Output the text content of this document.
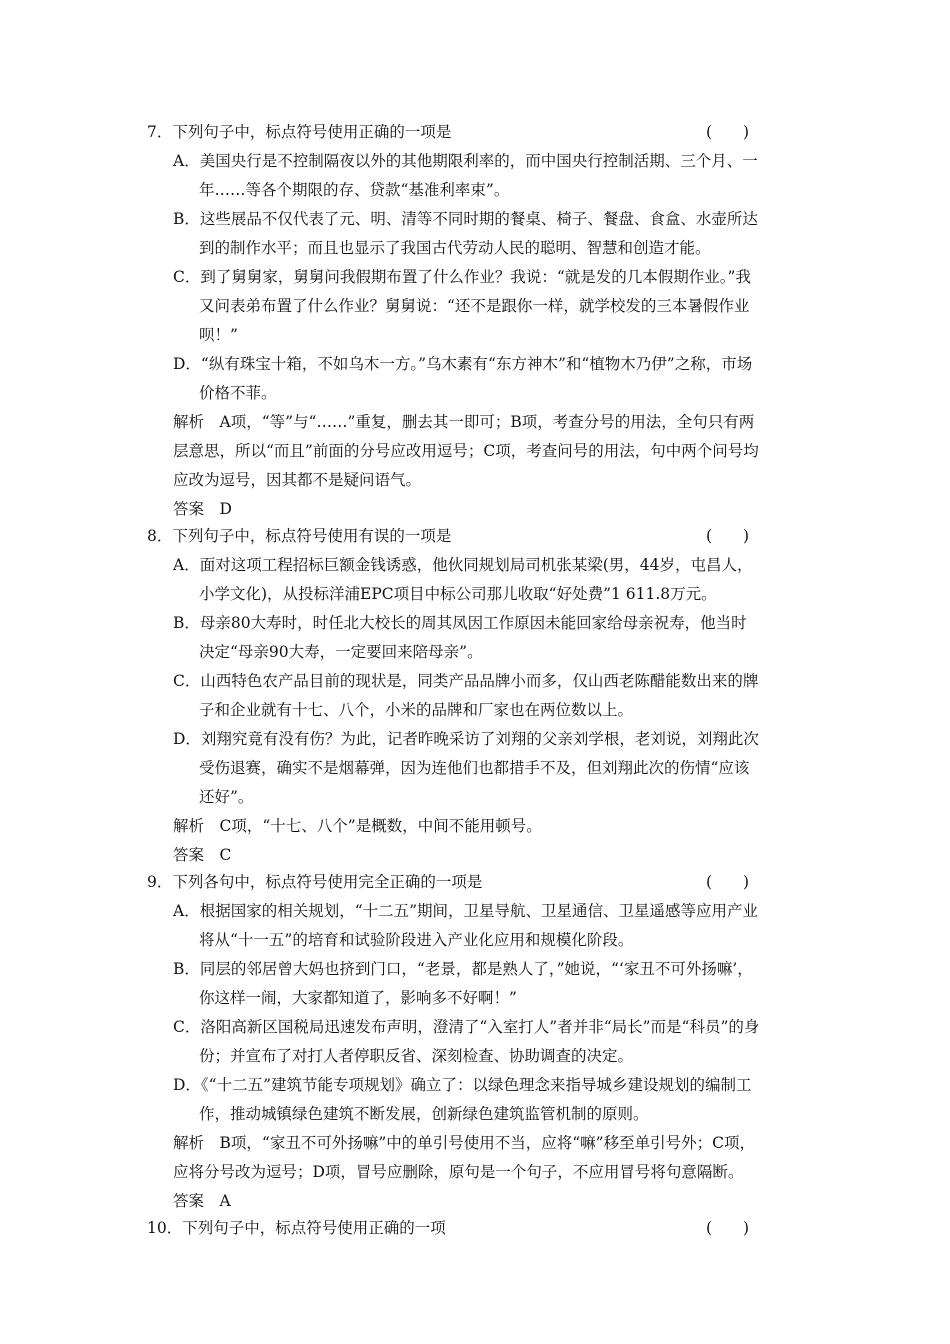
7．下列句子中，标点符号使用正确的一项是	(　　)
A．美国央行是不控制隔夜以外的其他期限利率的，而中国央行控制活期、三个月、一
年……等各个期限的存、贷款“基准利率束”。
B．这些展品不仅代表了元、明、清等不同时期的餐桌、椅子、餐盘、食盒、水壶所达
到的制作水平；而且也显示了我国古代劳动人民的聪明、智慧和创造才能。
C．到了舅舅家，舅舅问我假期布置了什么作业？我说：“就是发的几本假期作业。”我
又问表弟布置了什么作业？舅舅说：“还不是跟你一样，就学校发的三本暑假作业
呗！”
D．“纵有珠宝十箱，不如乌木一方。”乌木素有“东方神木”和“植物木乃伊”之称，市场
价格不菲。
解析　A项，“等”与“……”重复，删去其一即可；B项，考查分号的用法，全句只有两
层意思，所以“而且”前面的分号应改用逗号；C项，考查问号的用法，句中两个问号均
应改为逗号，因其都不是疑问语气。
答案　D
8．下列句子中，标点符号使用有误的一项是	(　　)
A．面对这项工程招标巨额金钱诱惑，他伙同规划局司机张某梁(男，44岁，屯昌人，
小学文化)，从投标洋浦EPC项目中标公司那儿收取“好处费”1 611.8万元。
B．母亲80大寿时，时任北大校长的周其凤因工作原因未能回家给母亲祝寿，他当时
决定“母亲90大寿，一定要回来陪母亲”。
C．山西特色农产品目前的现状是，同类产品品牌小而多，仅山西老陈醋能数出来的牌
子和企业就有十七、八个，小米的品牌和厂家也在两位数以上。
D．刘翔究竟有没有伤？为此，记者昨晚采访了刘翔的父亲刘学根，老刘说，刘翔此次
受伤退赛，确实不是烟幕弹，因为连他们也都措手不及，但刘翔此次的伤情“应该
还好”。
解析　C项，“十七、八个”是概数，中间不能用顿号。
答案　C
9．下列各句中，标点符号使用完全正确的一项是	(　　)
A．根据国家的相关规划，“十二五”期间，卫星导航、卫星通信、卫星遥感等应用产业
将从“十一五”的培育和试验阶段进入产业化应用和规模化阶段。
B．同层的邻居曾大妈也挤到门口，“老景，都是熟人了，”她说，“‘家丑不可外扬嘛’，
你这样一闹，大家都知道了，影响多不好啊！”
C．洛阳高新区国税局迅速发布声明，澄清了“入室打人”者并非“局长”而是“科员”的身
份；并宣布了对打人者停职反省、深刻检查、协助调查的决定。
D．《“十二五”建筑节能专项规划》确立了：以绿色理念来指导城乡建设规划的编制工
作，推动城镇绿色建筑不断发展，创新绿色建筑监管机制的原则。
解析　B项，“家丑不可外扬嘛”中的单引号使用不当，应将“嘛”移至单引号外；C项，
应将分号改为逗号；D项，冒号应删除，原句是一个句子，不应用冒号将句意隔断。
答案　A
10．下列句子中，标点符号使用正确的一项	(　　)
